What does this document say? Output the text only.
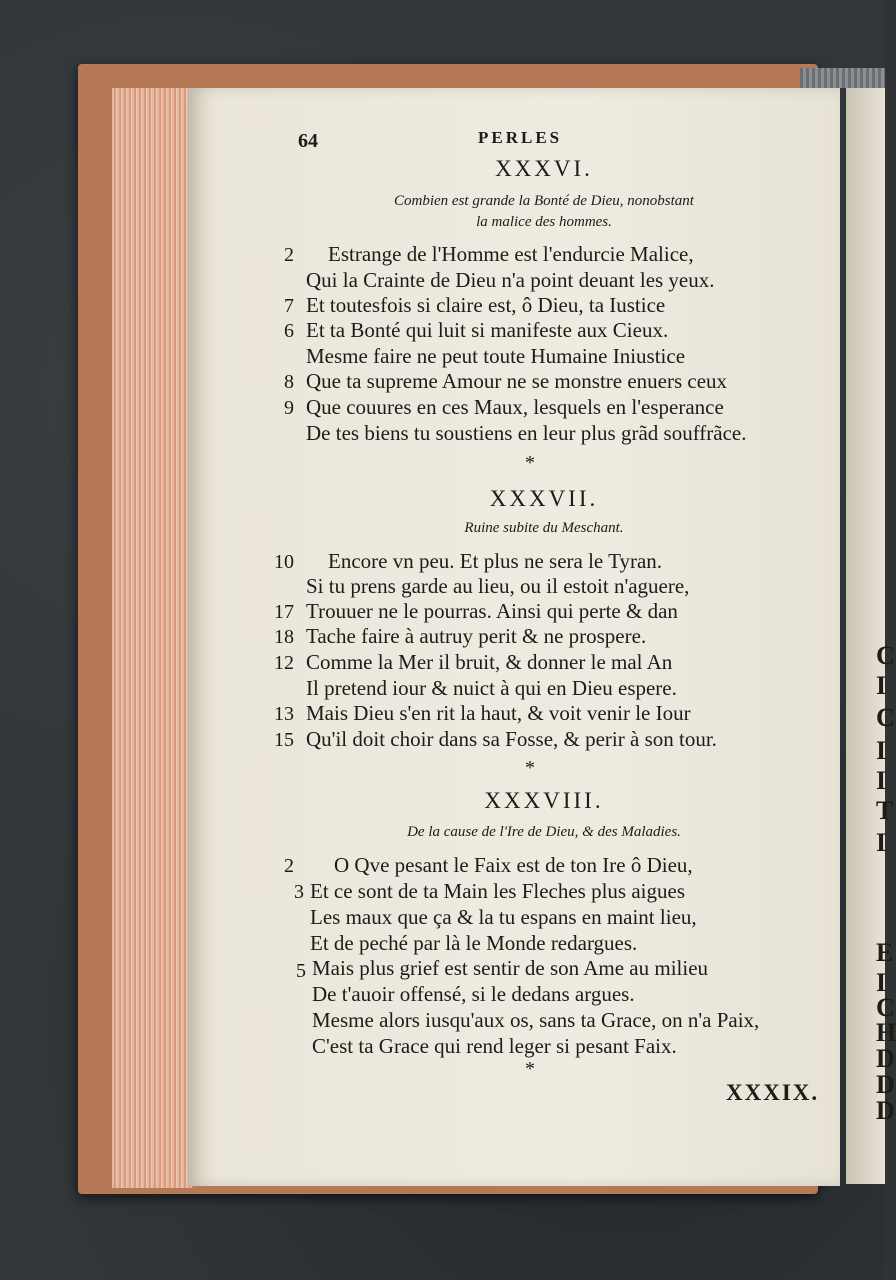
C
I
C
I
I
T
I
E
I
C
H
D
D
D
64	PERLES
XXXVI.
Combien est grande la Bonté de Dieu, nonobstant
la malice des hommes.
2 Estrange de l'Homme est l'endurcie Malice,
Qui la Crainte de Dieu n'a point deuant les yeux.
7 Et toutesfois si claire est, ô Dieu, ta Iustice
6 Et ta Bonté qui luit si manifeste aux Cieux.
Mesme faire ne peut toute Humaine Iniustice
8 Que ta supreme Amour ne se monstre enuers ceux
9 Que couures en ces Maux, lesquels en l'esperance
De tes biens tu soustiens en leur plus grãd souffrãce.
*
XXXVII.
Ruine subite du Meschant.
10 Encore vn peu. Et plus ne sera le Tyran.
Si tu prens garde au lieu, ou il estoit n'aguere,
17 Trouuer ne le pourras. Ainsi qui perte & dan
18 Tache faire à autruy perit & ne prospere.
12 Comme la Mer il bruit, & donner le mal An
Il pretend iour & nuict à qui en Dieu espere.
13 Mais Dieu s'en rit la haut, & voit venir le Iour
15 Qu'il doit choir dans sa Fosse, & perir à son tour.
*
XXXVIII.
De la cause de l'Ire de Dieu, & des Maladies.
2 O Qve pesant le Faix est de ton Ire ô Dieu,
3 Et ce sont de ta Main les Fleches plus aigues
Les maux que ça & la tu espans en maint lieu,
Et de peché par là le Monde redargues.
5 Mais plus grief est sentir de son Ame au milieu
De t'auoir offensé, si le dedans argues.
Mesme alors iusqu'aux os, sans ta Grace, on n'a Paix,
C'est ta Grace qui rend leger si pesant Faix.
*
XXXIX.
